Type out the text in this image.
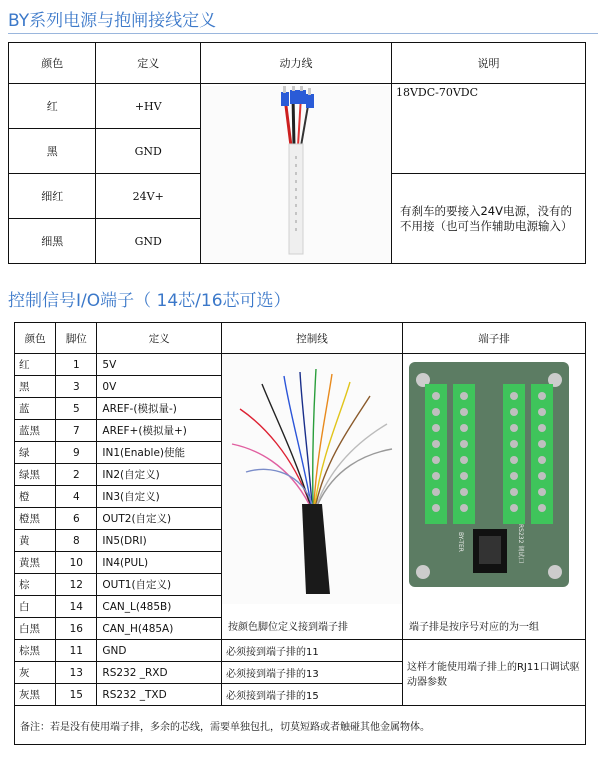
BY系列电源与抱闸接线定义
颜色	定义	动力线	说明
红	+HV		18VDC-70VDC
黑	GND		
细红	24V+		有刹车的要接入24V电源，没有的不用接（也可当作辅助电源输入）
细黑	GND		
控制信号I/O端子（ 14芯/16芯可选）
颜色	脚位	定义	控制线	端子排
红	1	5V	按颜色脚位定义接到端子排	BY-TER RS232 调试口
端子排是按序号对应的为一组

黑	3	0V		
蓝	5	AREF-(模拟量-)		
蓝黑	7	AREF+(模拟量+)		
绿	9	IN1(Enable)使能		
绿黑	2	IN2(自定义)		
橙	4	IN3(自定义)		
橙黑	6	OUT2(自定义)		
黄	8	IN5(DRI)		
黄黑	10	IN4(PUL)		
棕	12	OUT1(自定义)		
白	14	CAN_L(485B)		
白黑	16	CAN_H(485A)		
棕黑	11	GND	必须接到端子排的11	这样才能使用端子排上的RJ11口调试驱动器参数
灰	13	RS232 _RXD	必须接到端子排的13	
灰黑	15	RS232 _TXD	必须接到端子排的15	
备注：若是没有使用端子排，多余的芯线，需要单独包扎，切莫短路或者触碰其他金属物体。				
